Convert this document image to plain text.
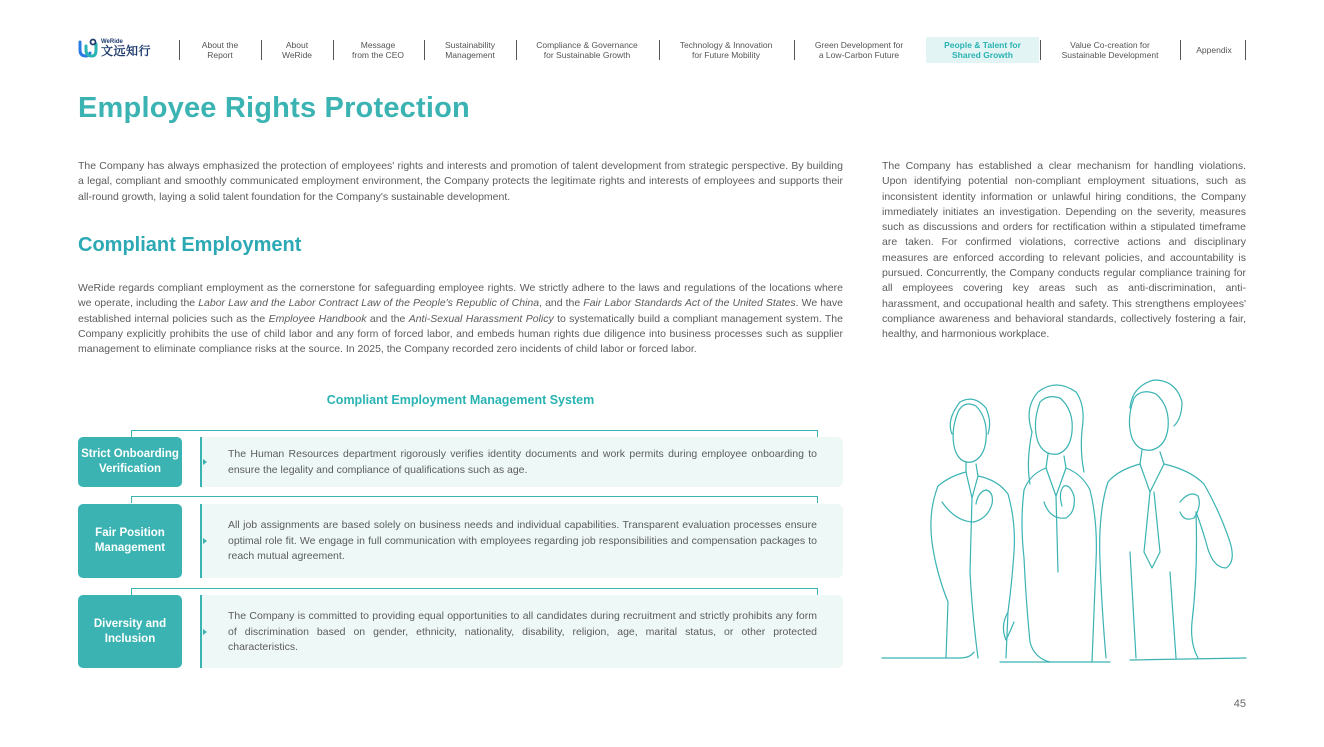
WeRide
文远知行	About the
Report
About
WeRide
Message
from the CEO
Sustainability
Management
Compliance & Governance
for Sustainable Growth
Technology & Innovation
for Future Mobility
Green Development for
a Low-Carbon Future
People & Talent for
Shared Growth
Value Co-creation for
Sustainable Development	Appendix
Employee Rights Protection

The Company has always emphasized the protection of employees' rights and interests and promotion of talent development from strategic perspective. By building a legal, compliant and smoothly communicated employment environment, the Company protects the legitimate rights and interests of employees and supports their all-round growth, laying a solid talent foundation for the Company's sustainable development.

Compliant Employment

WeRide regards compliant employment as the cornerstone for safeguarding employee rights. We strictly adhere to the laws and regulations of the locations where we operate, including the Labor Law and the Labor Contract Law of the People's Republic of China, and the Fair Labor Standards Act of the United States. We have established internal policies such as the Employee Handbook and the Anti-Sexual Harassment Policy to systematically build a compliant management system. The Company explicitly prohibits the use of child labor and any form of forced labor, and embeds human rights due diligence into business processes such as supplier management to eliminate compliance risks at the source. In 2025, the Company recorded zero incidents of child labor or forced labor.

The Company has established a clear mechanism for handling violations. Upon identifying potential non-compliant employment situations, such as inconsistent identity information or unlawful hiring conditions, the Company immediately initiates an investigation. Depending on the severity, measures such as discussions and orders for rectification within a stipulated timeframe are taken. For confirmed violations, corrective actions and disciplinary measures are enforced according to relevant policies, and accountability is pursued. Concurrently, the Company conducts regular compliance training for all employees covering key areas such as anti-discrimination, anti-harassment, and occupational health and safety. This strengthens employees' compliance awareness and behavioral standards, collectively fostering a fair, healthy, and harmonious workplace.

Compliant Employment Management System
Strict Onboarding Verification

The Human Resources department rigorously verifies identity documents and work permits during employee onboarding to ensure the legality and compliance of qualifications such as age.

Fair Position Management

All job assignments are based solely on business needs and individual capabilities. Transparent evaluation processes ensure optimal role fit. We engage in full communication with employees regarding job responsibilities and compensation packages to reach mutual agreement.

Diversity and Inclusion

The Company is committed to providing equal opportunities to all candidates during recruitment and strictly prohibits any form of discrimination based on gender, ethnicity, nationality, disability, religion, age, marital status, or other protected characteristics.

45
